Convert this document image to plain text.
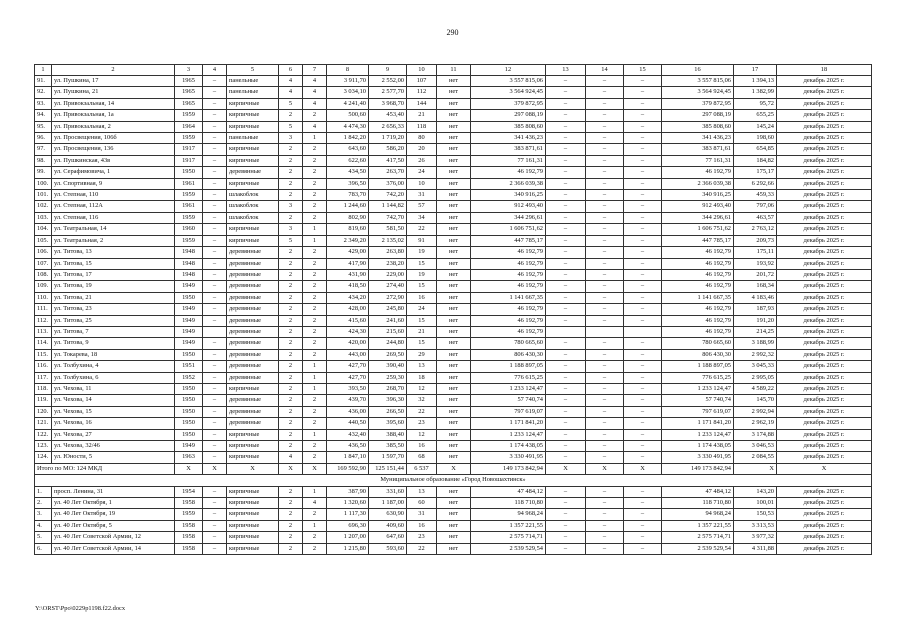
290
1	2	3	4	5	6	7	8	9	10	11	12	13	14	15	16	17	18
91.	ул. Пушкина, 17	1965	–	панельные	4	4	3 911,70	2 552,00	107	нет	3 557 815,06	–	–	–	3 557 815,06	1 394,13	декабрь 2025 г.
92.	ул. Пушкина, 21	1965	–	панельные	4	4	3 034,10	2 577,70	112	нет	3 564 924,45	–	–	–	3 564 924,45	1 382,99	декабрь 2025 г.
93.	ул. Привокзальная, 14	1965	–	кирпичные	5	4	4 241,40	3 968,70	144	нет	379 872,95	–	–	–	379 872,95	95,72	декабрь 2025 г.
94.	ул. Привокзальная, 1а	1959	–	кирпичные	2	2	500,60	453,40	21	нет	297 088,19	–	–	–	297 088,19	655,25	декабрь 2025 г.
95.	ул. Привокзальная, 2	1964	–	кирпичные	5	4	4 474,30	2 656,33	118	нет	385 808,60	–	–	–	385 808,60	145,24	декабрь 2025 г.
96.	ул. Просвещения, 106б	1959	–	панельные	3	1	1 842,20	1 719,20	80	нет	341 436,23	–	–	–	341 436,23	198,60	декабрь 2025 г.
97.	ул. Просвещения, 136	1917	–	кирпичные	2	2	643,60	586,20	20	нет	383 871,61	–	–	–	383 871,61	654,85	декабрь 2025 г.
98.	ул. Пушкинская, 43в	1917	–	кирпичные	2	2	622,60	417,50	26	нет	77 161,31	–	–	–	77 161,31	184,82	декабрь 2025 г.
99.	ул. Серафимовича, 1	1950	–	деревянные	2	2	434,50	263,70	24	нет	46 192,79	–	–	–	46 192,79	175,17	декабрь 2025 г.
100.	ул. Спортивная, 9	1961	–	кирпичные	2	2	396,50	376,00	10	нет	2 366 039,38	–	–	–	2 366 039,38	6 292,66	декабрь 2025 г.
101.	ул. Степная, 110	1959	–	шлакоблок	2	2	783,70	742,20	31	нет	340 916,25	–	–	–	340 916,25	459,33	декабрь 2025 г.
102.	ул. Степная, 112А	1961	–	шлакоблок	3	2	1 244,60	1 144,82	57	нет	912 493,40	–	–	–	912 493,40	797,06	декабрь 2025 г.
103.	ул. Степная, 116	1959	–	шлакоблок	2	2	802,90	742,70	34	нет	344 296,61	–	–	–	344 296,61	463,57	декабрь 2025 г.
104.	ул. Театральная, 14	1960	–	кирпичные	3	1	819,60	581,50	22	нет	1 606 751,62	–	–	–	1 606 751,62	2 763,12	декабрь 2025 г.
105.	ул. Театральная, 2	1959	–	кирпичные	5	1	2 349,20	2 135,02	91	нет	447 785,17	–	–	–	447 785,17	209,73	декабрь 2025 г.
106.	ул. Титова, 13	1948	–	деревянные	2	2	429,00	263,80	19	нет	46 192,79	–	–	–	46 192,79	175,11	декабрь 2025 г.
107.	ул. Титова, 15	1948	–	деревянные	2	2	417,90	238,20	15	нет	46 192,79	–	–	–	46 192,79	193,92	декабрь 2025 г.
108.	ул. Титова, 17	1948	–	деревянные	2	2	431,90	229,00	19	нет	46 192,79	–	–	–	46 192,79	201,72	декабрь 2025 г.
109.	ул. Титова, 19	1949	–	деревянные	2	2	418,50	274,40	15	нет	46 192,79	–	–	–	46 192,79	168,34	декабрь 2025 г.
110.	ул. Титова, 21	1950	–	деревянные	2	2	434,20	272,90	16	нет	1 141 667,35	–	–	–	1 141 667,35	4 183,46	декабрь 2025 г.
111.	ул. Титова, 23	1949	–	деревянные	2	2	428,00	245,80	24	нет	46 192,79	–	–	–	46 192,79	187,93	декабрь 2025 г.
112.	ул. Титова, 25	1949	–	деревянные	2	2	415,60	241,60	15	нет	46 192,79	–	–	–	46 192,79	191,20	декабрь 2025 г.
113.	ул. Титова, 7	1949		деревянные	2	2	424,30	215,60	21	нет	46 192,79				46 192,79	214,25	декабрь 2025 г.
114.	ул. Титова, 9	1949	–	деревянные	2	2	420,00	244,80	15	нет	780 665,60	–	–	–	780 665,60	3 188,99	декабрь 2025 г.
115.	ул. Токарева, 18	1950	–	деревянные	2	2	443,00	269,50	29	нет	806 430,30	–	–	–	806 430,30	2 992,32	декабрь 2025 г.
116.	ул. Толбухина, 4	1951	–	деревянные	2	1	427,70	390,40	13	нет	1 188 897,05	–	–	–	1 188 897,05	3 045,33	декабрь 2025 г.
117.	ул. Толбухина, 6	1952	–	деревянные	2	1	427,70	259,30	18	нет	776 615,25	–	–	–	776 615,25	2 995,05	декабрь 2025 г.
118.	ул. Чехова, 11	1950	–	кирпичные	2	1	393,50	268,70	12	нет	1 233 124,47	–	–	–	1 233 124,47	4 589,22	декабрь 2025 г.
119.	ул. Чехова, 14	1950	–	деревянные	2	2	439,70	396,30	32	нет	57 740,74	–	–	–	57 740,74	145,70	декабрь 2025 г.
120.	ул. Чехова, 15	1950	–	деревянные	2	2	436,00	266,50	22	нет	797 619,07	–	–	–	797 619,07	2 992,94	декабрь 2025 г.
121.	ул. Чехова, 16	1950	–	деревянные	2	2	440,50	395,60	23	нет	1 171 841,20	–	–	–	1 171 841,20	2 962,19	декабрь 2025 г.
122.	ул. Чехова, 27	1950	–	кирпичные	2	1	432,40	388,40	12	нет	1 233 124,47	–	–	–	1 233 124,47	3 174,88	декабрь 2025 г.
123.	ул. Чехова, 32/46	1949	–	кирпичные	2	2	436,50	385,50	16	нет	1 174 438,05	–	–	–	1 174 438,05	3 046,53	декабрь 2025 г.
124.	ул. Юности, 5	1963	–	кирпичные	4	2	1 847,10	1 597,70	68	нет	3 330 491,95	–	–	–	3 330 491,95	2 084,55	декабрь 2025 г.
Итого по МО: 124 МКД		X	X	X	X	X	169 592,90	125 151,44	6 537	X	149 173 842,94	X	X	X	149 173 842,94	X	X
Муниципальное образование «Город Новошахтинск»																	
1.	просп. Ленина, 31	1954	–	кирпичные	2	1	387,90	331,60	13	нет	47 484,12	–	–	–	47 484,12	143,20	декабрь 2025 г.
2.	ул. 40 Лет Октября, 1	1958	–	кирпичные	2	4	1 320,60	1 187,00	60	нет	118 710,80	–	–	–	118 710,80	100,01	декабрь 2025 г.
3.	ул. 40 Лет Октября, 19	1959	–	кирпичные	2	2	1 117,30	630,90	31	нет	94 968,24	–	–	–	94 968,24	150,53	декабрь 2025 г.
4.	ул. 40 Лет Октября, 5	1958	–	кирпичные	2	1	696,30	409,60	16	нет	1 357 221,55	–	–	–	1 357 221,55	3 313,53	декабрь 2025 г.
5.	ул. 40 Лет Советской Армии, 12	1958	–	кирпичные	2	2	1 207,00	647,60	23	нет	2 575 714,71	–	–	–	2 575 714,71	3 977,32	декабрь 2025 г.
6.	ул. 40 Лет Советской Армии, 14	1958	–	кирпичные	2	2	1 215,80	593,60	22	нет	2 539 529,54	–	–	–	2 539 529,54	4 311,88	декабрь 2025 г.
Y:\ORST\Ppo\0229p1198.f22.docx
